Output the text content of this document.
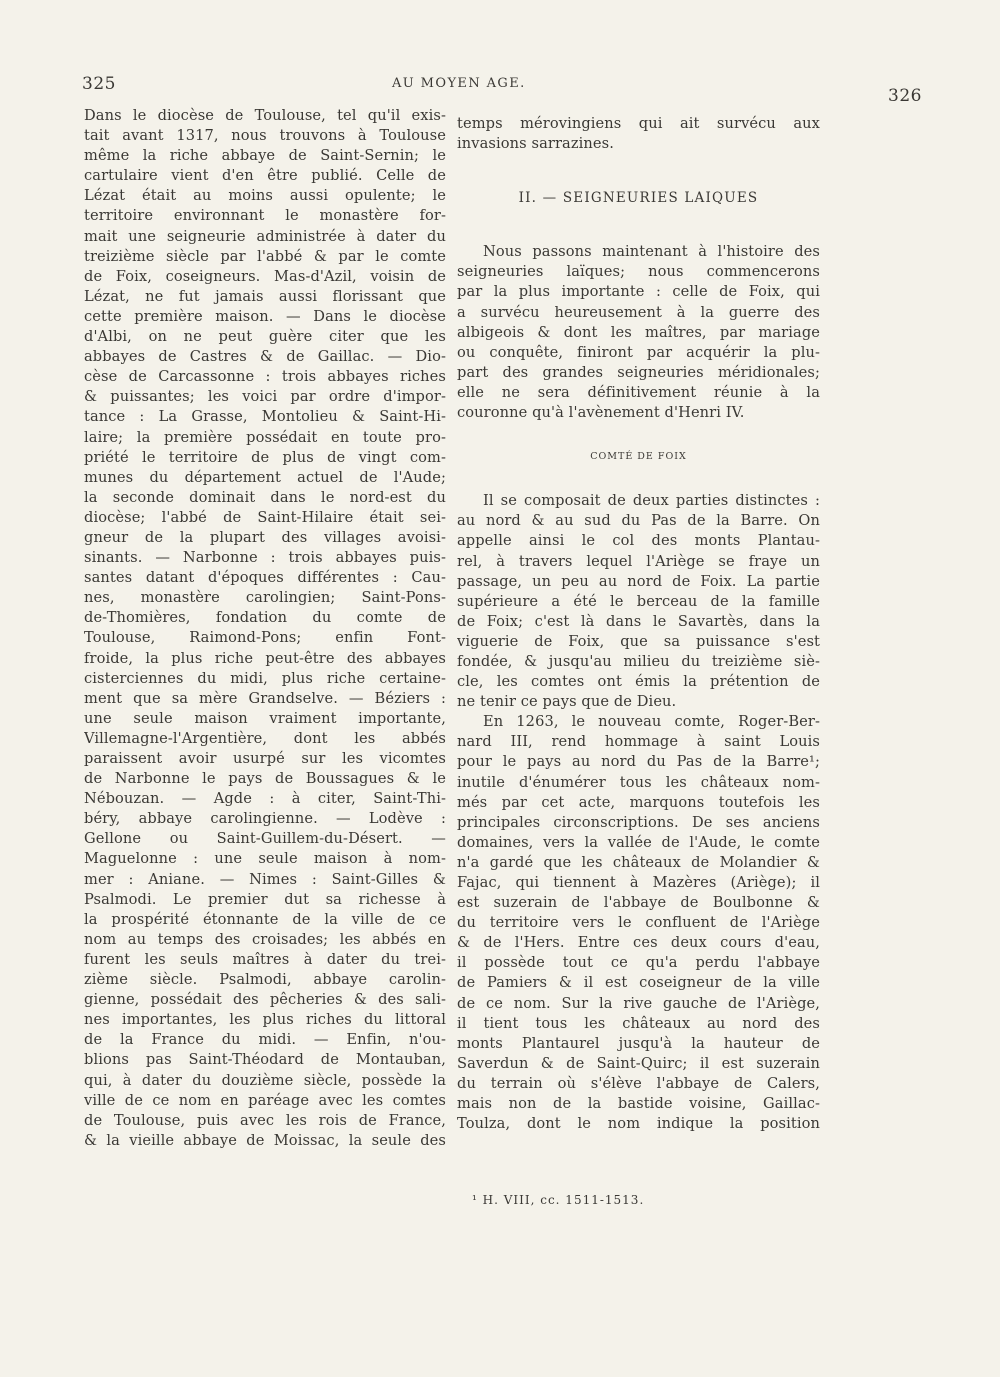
325	AU MOYEN AGE.
326
Dans le diocèse de Toulouse, tel qu'il exis-
tait avant 1317, nous trouvons à Toulouse
même la riche abbaye de Saint-Sernin; le
cartulaire vient d'en être publié. Celle de
Lézat était au moins aussi opulente; le
territoire environnant le monastère for-
mait une seigneurie administrée à dater du
treizième siècle par l'abbé & par le comte
de Foix, coseigneurs. Mas-d'Azil, voisin de
Lézat, ne fut jamais aussi florissant que
cette première maison. — Dans le diocèse
d'Albi, on ne peut guère citer que les
abbayes de Castres & de Gaillac. — Dio-
cèse de Carcassonne : trois abbayes riches
& puissantes; les voici par ordre d'impor-
tance : La Grasse, Montolieu & Saint-Hi-
laire; la première possédait en toute pro-
priété le territoire de plus de vingt com-
munes du département actuel de l'Aude;
la seconde dominait dans le nord-est du
diocèse; l'abbé de Saint-Hilaire était sei-
gneur de la plupart des villages avoisi-
sinants. — Narbonne : trois abbayes puis-
santes datant d'époques différentes : Cau-
nes, monastère carolingien; Saint-Pons-
de-Thomières, fondation du comte de
Toulouse, Raimond-Pons; enfin Font-
froide, la plus riche peut-être des abbayes
cisterciennes du midi, plus riche certaine-
ment que sa mère Grandselve. — Béziers :
une seule maison vraiment importante,
Villemagne-l'Argentière, dont les abbés
paraissent avoir usurpé sur les vicomtes
de Narbonne le pays de Boussagues & le
Nébouzan. — Agde : à citer, Saint-Thi-
béry, abbaye carolingienne. — Lodève :
Gellone ou Saint-Guillem-du-Désert. —
Maguelonne : une seule maison à nom-
mer : Aniane. — Nimes : Saint-Gilles &
Psalmodi. Le premier dut sa richesse à
la prospérité étonnante de la ville de ce
nom au temps des croisades; les abbés en
furent les seuls maîtres à dater du trei-
zième siècle. Psalmodi, abbaye carolin-
gienne, possédait des pêcheries & des sali-
nes importantes, les plus riches du littoral
de la France du midi. — Enfin, n'ou-
blions pas Saint-Théodard de Montauban,
qui, à dater du douzième siècle, possède la
ville de ce nom en paréage avec les comtes
de Toulouse, puis avec les rois de France,
& la vieille abbaye de Moissac, la seule des
temps mérovingiens qui ait survécu aux
invasions sarrazines.
II. — SEIGNEURIES LAIQUES
Nous passons maintenant à l'histoire des
seigneuries laïques; nous commencerons
par la plus importante : celle de Foix, qui
a survécu heureusement à la guerre des
albigeois & dont les maîtres, par mariage
ou conquête, finiront par acquérir la plu-
part des grandes seigneuries méridionales;
elle ne sera définitivement réunie à la
couronne qu'à l'avènement d'Henri IV.
COMTÉ DE FOIX
Il se composait de deux parties distinctes :
au nord & au sud du Pas de la Barre. On
appelle ainsi le col des monts Plantau-
rel, à travers lequel l'Ariège se fraye un
passage, un peu au nord de Foix. La partie
supérieure a été le berceau de la famille
de Foix; c'est là dans le Savartès, dans la
viguerie de Foix, que sa puissance s'est
fondée, & jusqu'au milieu du treizième siè-
cle, les comtes ont émis la prétention de
ne tenir ce pays que de Dieu.
En 1263, le nouveau comte, Roger-Ber-
nard III, rend hommage à saint Louis
pour le pays au nord du Pas de la Barre¹;
inutile d'énumérer tous les châteaux nom-
més par cet acte, marquons toutefois les
principales circonscriptions. De ses anciens
domaines, vers la vallée de l'Aude, le comte
n'a gardé que les châteaux de Molandier &
Fajac, qui tiennent à Mazères (Ariège); il
est suzerain de l'abbaye de Boulbonne &
du territoire vers le confluent de l'Ariège
& de l'Hers. Entre ces deux cours d'eau,
il possède tout ce qu'a perdu l'abbaye
de Pamiers & il est coseigneur de la ville
de ce nom. Sur la rive gauche de l'Ariège,
il tient tous les châteaux au nord des
monts Plantaurel jusqu'à la hauteur de
Saverdun & de Saint-Quirc; il est suzerain
du terrain où s'élève l'abbaye de Calers,
mais non de la bastide voisine, Gaillac-
Toulza, dont le nom indique la position
¹ H. VIII, cc. 1511-1513.
